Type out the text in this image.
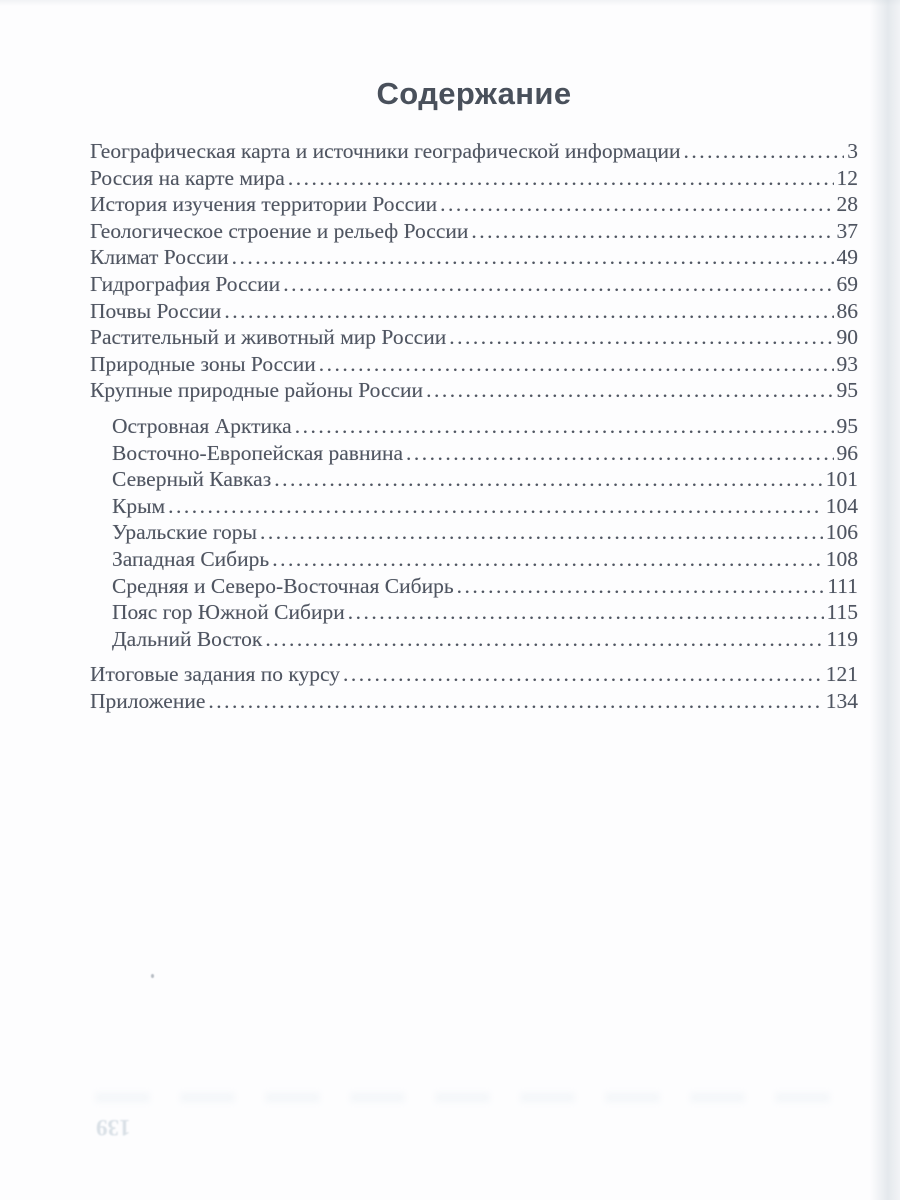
Содержание
Географическая карта и источники географической информации .....	3
Россия на карте мира .....	12
История изучения территории России .....	28
Геологическое строение и рельеф России .....	37
Климат России .....	49
Гидрография России .....	69
Почвы России .....	86
Растительный и животный мир России .....	90
Природные зоны России .....	93
Крупные природные районы России .....	95
Островная Арктика .....	95
Восточно-Европейская равнина .....	96
Северный Кавказ .....	101
Крым .....	104
Уральские горы .....	106
Западная Сибирь .....	108
Средняя и Северо-Восточная Сибирь .....	111
Пояс гор Южной Сибири .....	115
Дальний Восток .....	119
Итоговые задания по курсу .....	121
Приложение .....	134
139
